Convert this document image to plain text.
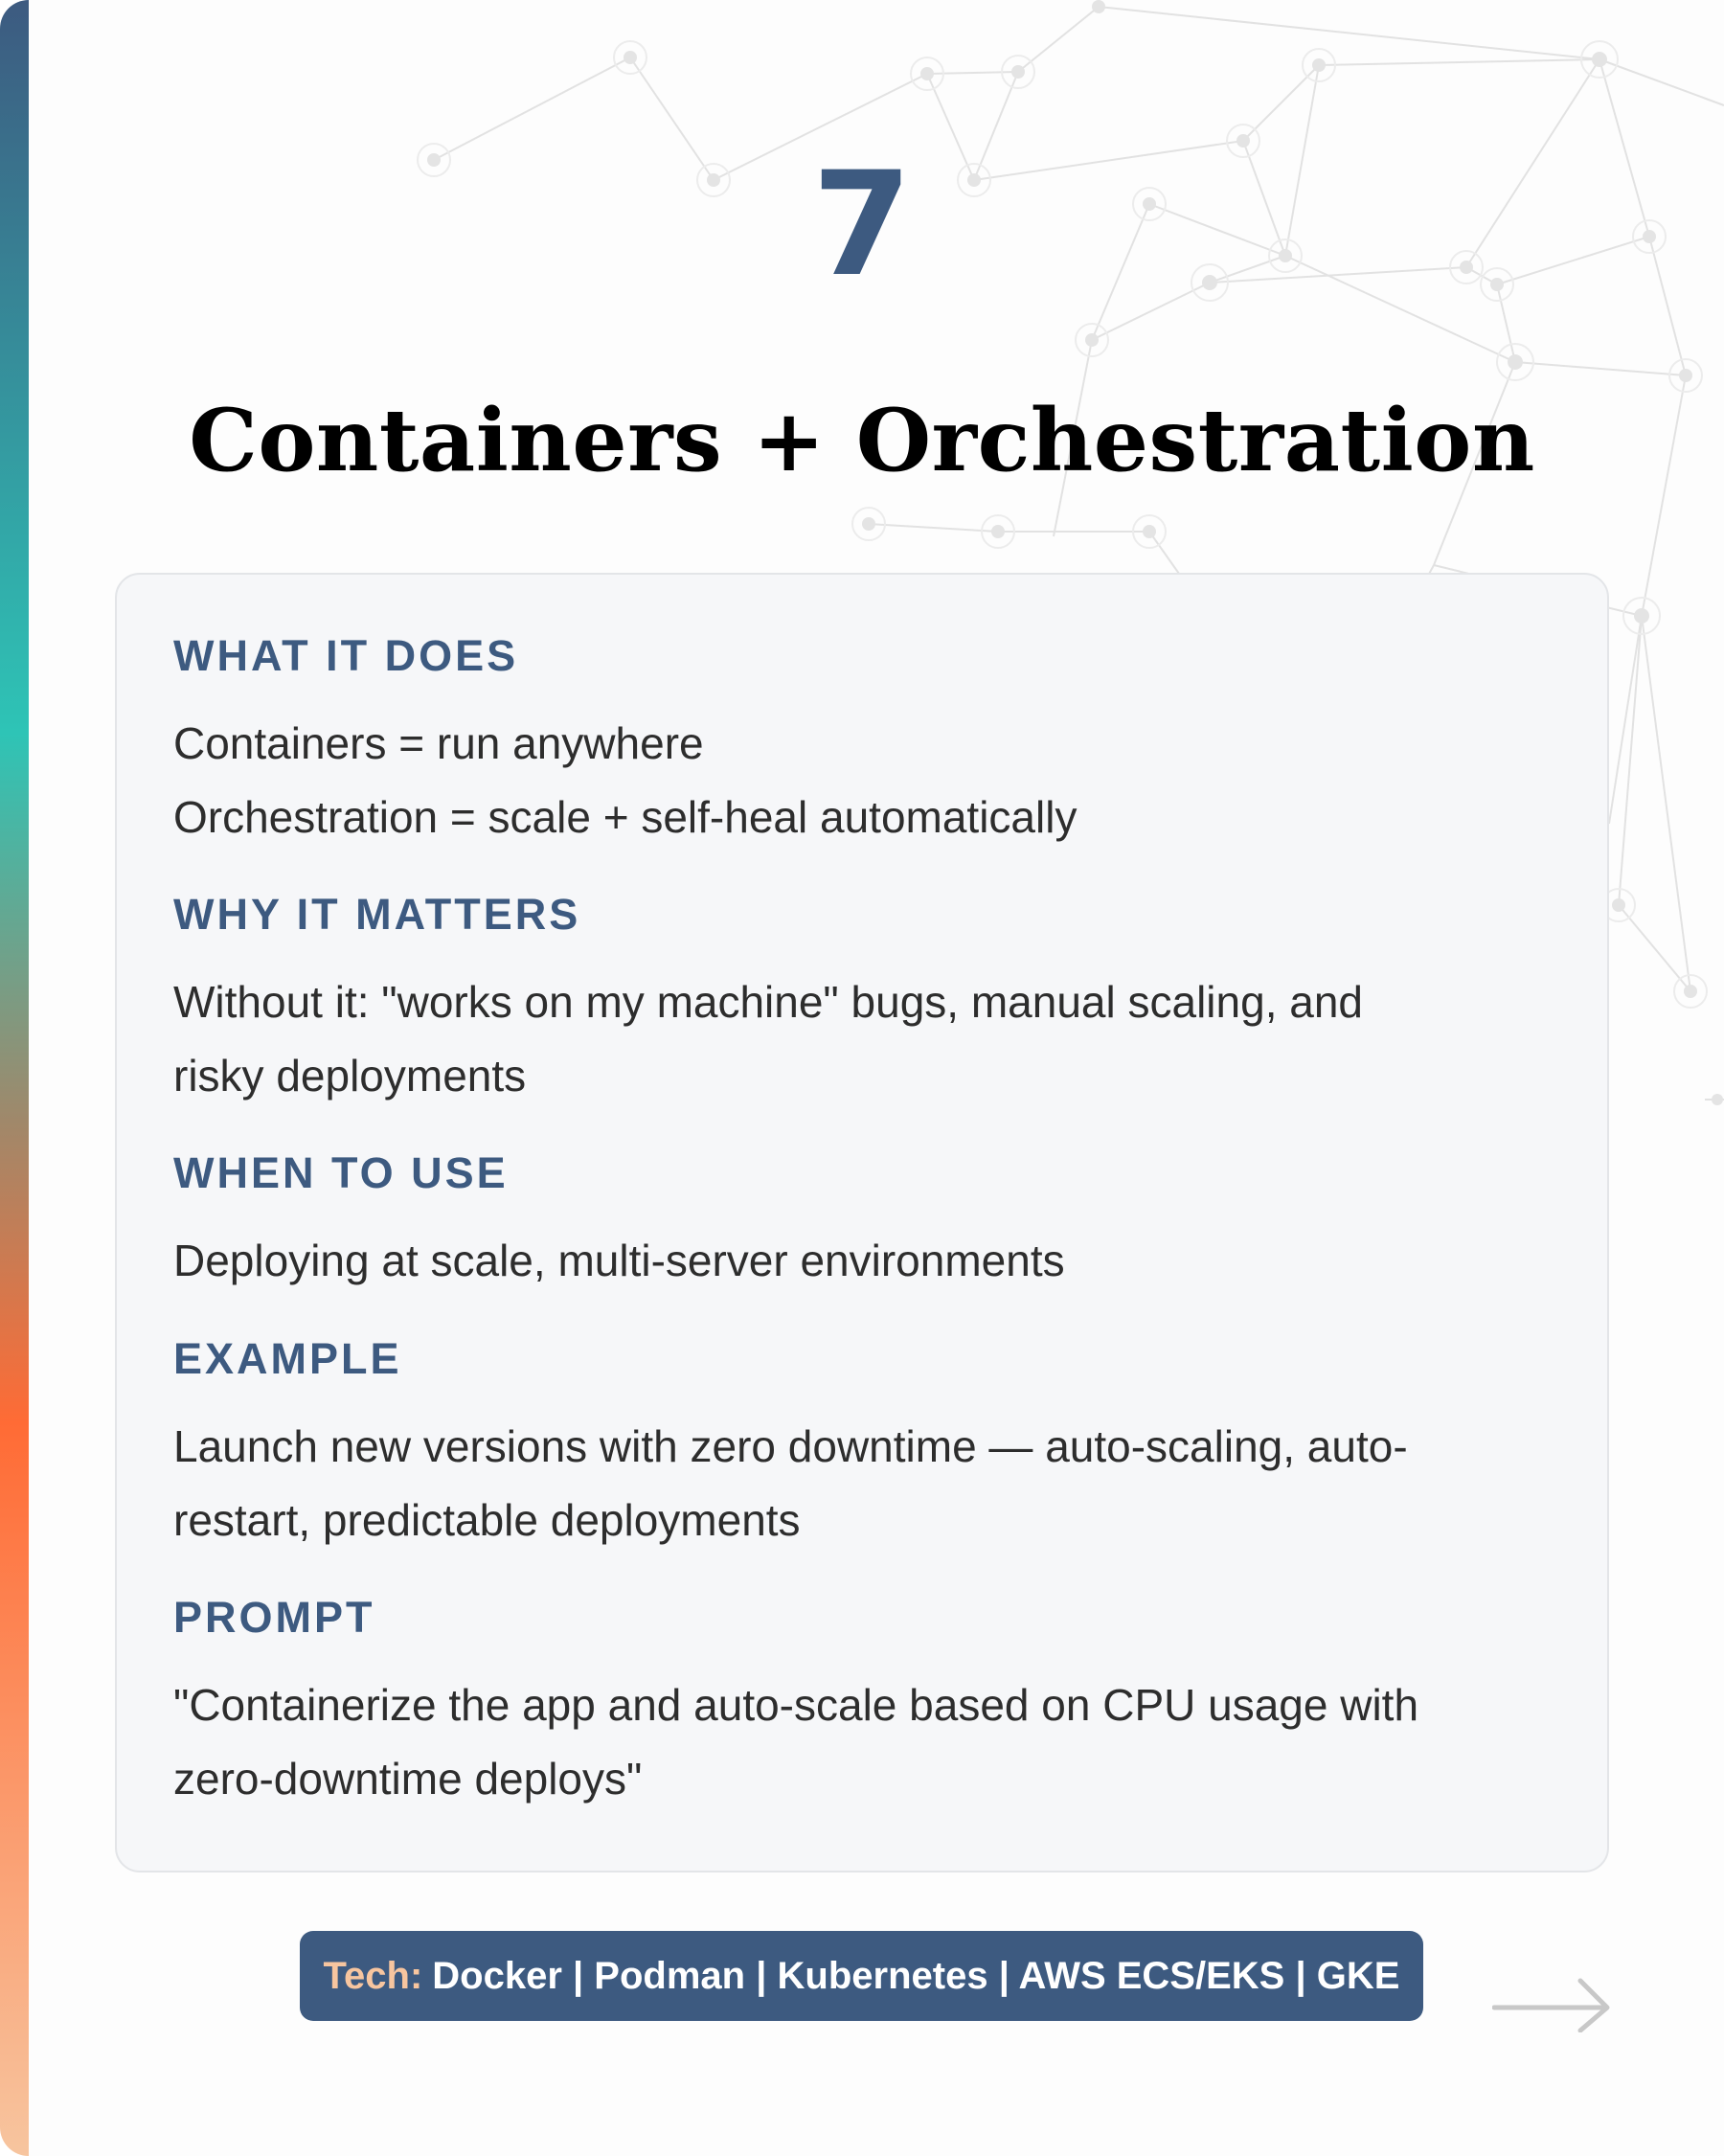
7
Containers + Orchestration
WHAT IT DOES
Containers = run anywhere
Orchestration = scale + self-heal automatically
WHY IT MATTERS
Without it: "works on my machine" bugs, manual scaling, and
risky deployments
WHEN TO USE
Deploying at scale, multi-server environments
EXAMPLE
Launch new versions with zero downtime — auto-scaling, auto-
restart, predictable deployments
PROMPT
"Containerize the app and auto-scale based on CPU usage with
zero-downtime deploys"
Tech: Docker | Podman | Kubernetes | AWS ECS/EKS | GKE
